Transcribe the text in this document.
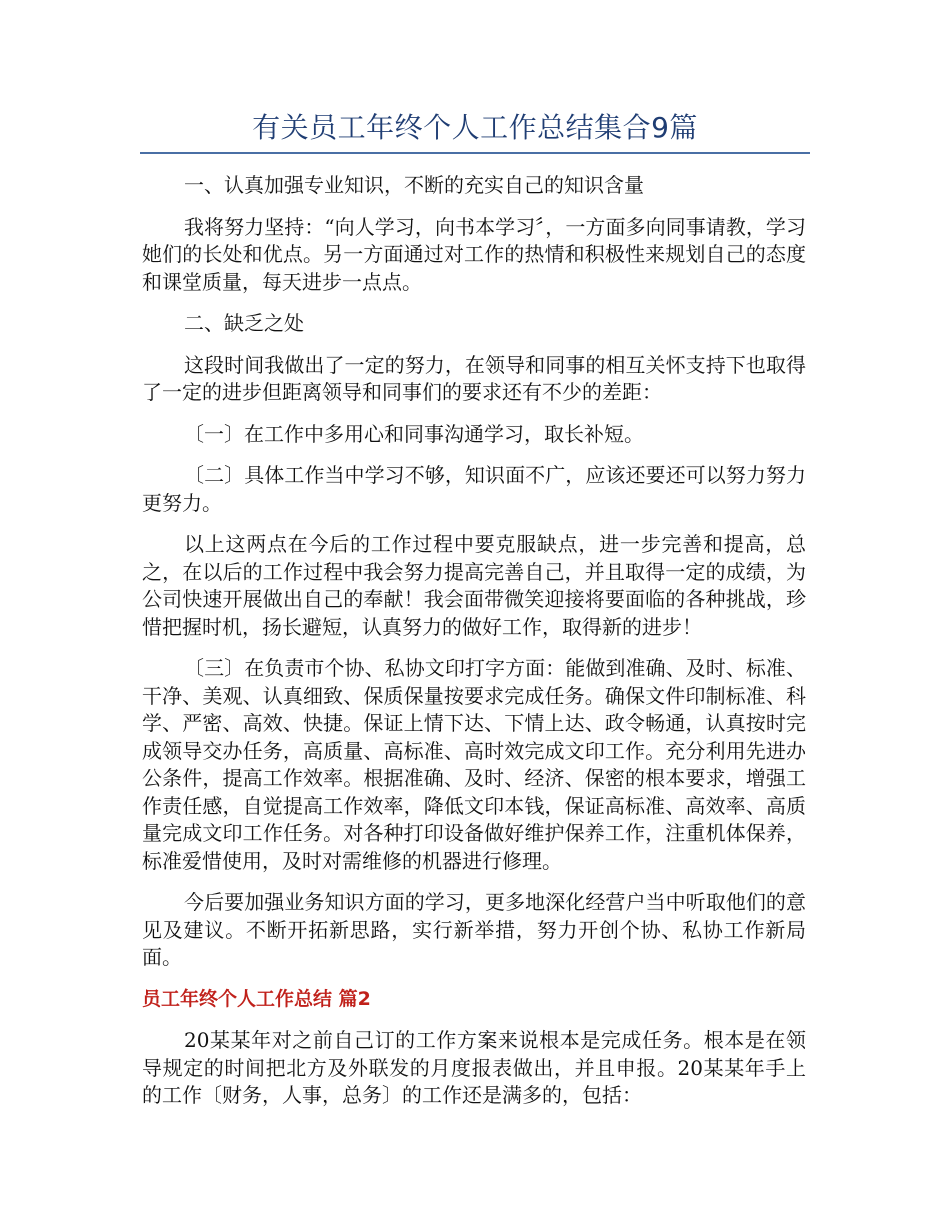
有关员工年终个人工作总结集合9篇

一、认真加强专业知识，不断的充实自己的知识含量

我将努力坚持：“向人学习，向书本学习〞，一方面多向同事请教，学习她们的长处和优点。另一方面通过对工作的热情和积极性来规划自己的态度和课堂质量，每天进步一点点。

二、缺乏之处

这段时间我做出了一定的努力，在领导和同事的相互关怀支持下也取得了一定的进步但距离领导和同事们的要求还有不少的差距：

〔一〕在工作中多用心和同事沟通学习，取长补短。

〔二〕具体工作当中学习不够，知识面不广，应该还要还可以努力努力更努力。

以上这两点在今后的工作过程中要克服缺点，进一步完善和提高，总之，在以后的工作过程中我会努力提高完善自己，并且取得一定的成绩，为公司快速开展做出自己的奉献！我会面带微笑迎接将要面临的各种挑战，珍惜把握时机，扬长避短，认真努力的做好工作，取得新的进步！

〔三〕在负责市个协、私协文印打字方面：能做到准确、及时、标准、干净、美观、认真细致、保质保量按要求完成任务。确保文件印制标准、科学、严密、高效、快捷。保证上情下达、下情上达、政令畅通，认真按时完成领导交办任务，高质量、高标准、高时效完成文印工作。充分利用先进办公条件，提高工作效率。根据准确、及时、经济、保密的根本要求，增强工作责任感，自觉提高工作效率，降低文印本钱，保证高标准、高效率、高质量完成文印工作任务。对各种打印设备做好维护保养工作，注重机体保养，标准爱惜使用，及时对需维修的机器进行修理。

今后要加强业务知识方面的学习，更多地深化经营户当中听取他们的意见及建议。不断开拓新思路，实行新举措，努力开创个协、私协工作新局面。

员工年终个人工作总结 篇2

20某某年对之前自己订的工作方案来说根本是完成任务。根本是在领导规定的时间把北方及外联发的月度报表做出，并且申报。20某某年手上的工作〔财务，人事，总务〕的工作还是满多的，包括：
